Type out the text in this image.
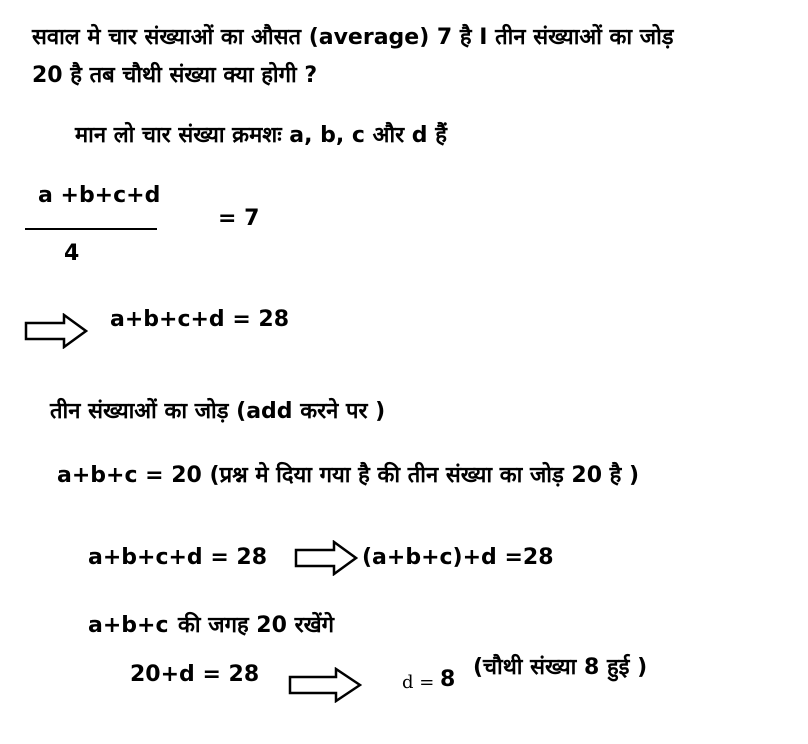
सवाल मे चार संख्याओं का औसत (average) 7 है I तीन संख्याओं का जोड़
20 है तब चौथी संख्या क्या होगी ?
मान लो चार संख्या क्रमशः a, b, c और d हैं
a +b+c+d
4
= 7
a+b+c+d = 28
तीन संख्याओं का जोड़ (add करने पर )
a+b+c = 20 (प्रश्न मे दिया गया है की तीन संख्या का जोड़ 20 है )
a+b+c+d = 28	(a+b+c)+d =28
a+b+c की जगह 20 रखेंगे
20+d = 28	d = 8 (चौथी संख्या 8 हुई )
